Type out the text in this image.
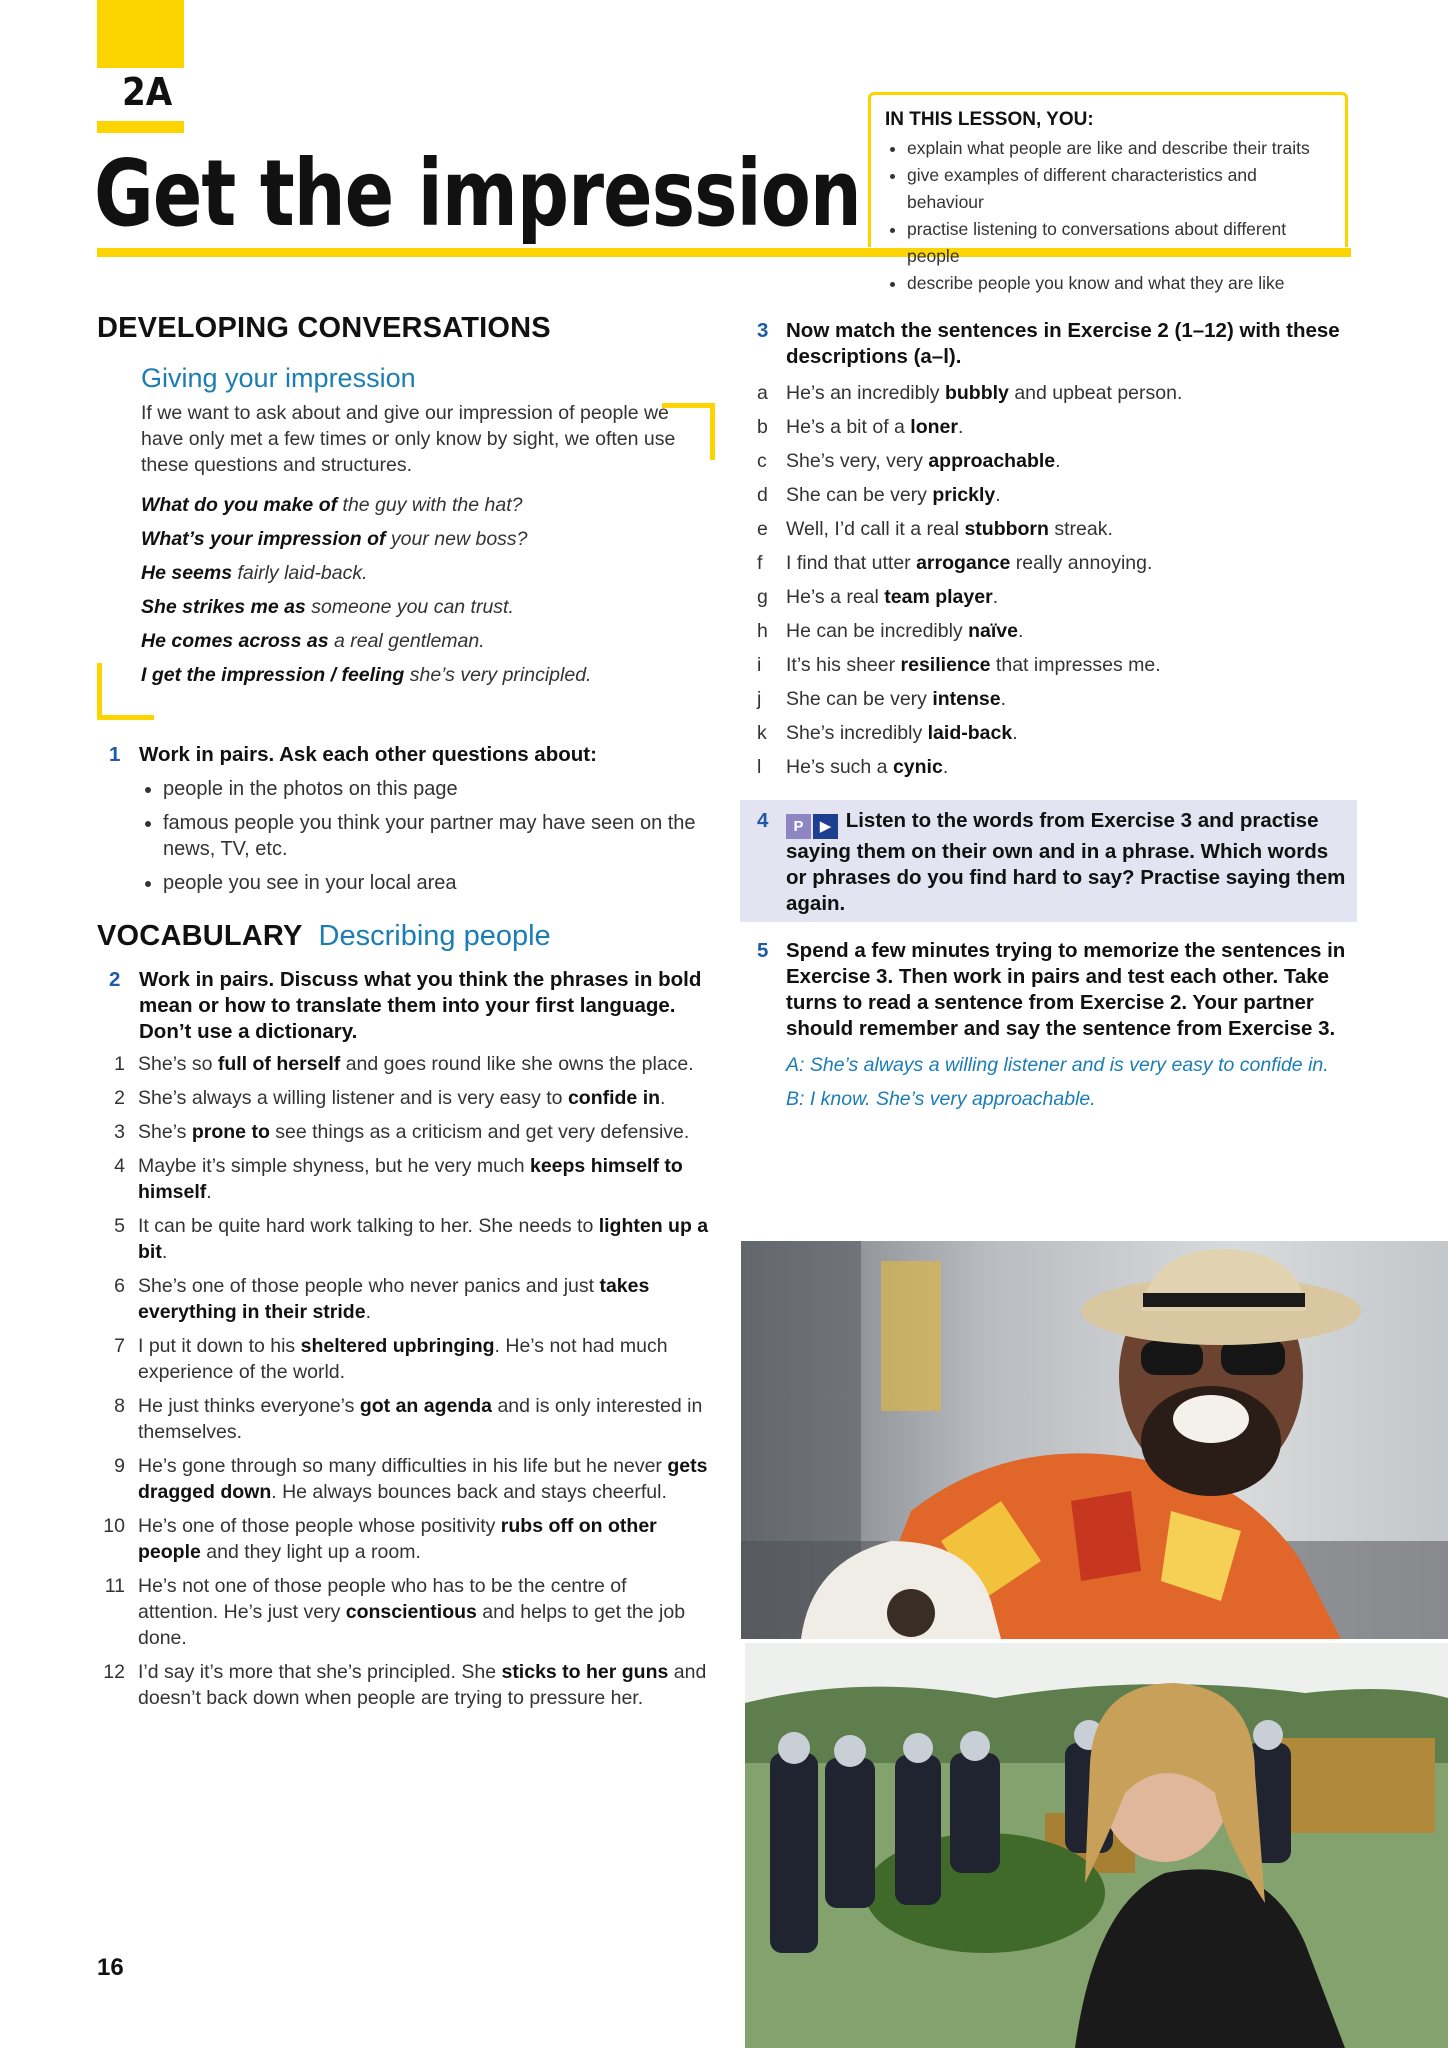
2A
Get the impression
IN THIS LESSON, YOU:
• explain what people are like and describe their traits
• give examples of different characteristics and behaviour
• practise listening to conversations about different people
• describe people you know and what they are like
DEVELOPING CONVERSATIONS
Giving your impression

If we want to ask about and give our impression of people we have only met a few times or only know by sight, we often use these questions and structures.

What do you make of the guy with the hat?
What’s your impression of your new boss?
He seems fairly laid-back.
She strikes me as someone you can trust.
He comes across as a real gentleman.
I get the impression / feeling she’s very principled.
1 Work in pairs. Ask each other questions about:
• people in the photos on this page
• famous people you think your partner may have seen on the news, TV, etc.
• people you see in your local area
VOCABULARY Describing people
2 Work in pairs. Discuss what you think the phrases in bold mean or how to translate them into your first language. Don’t use a dictionary.
1 She’s so full of herself and goes round like she owns the place.
2 She’s always a willing listener and is very easy to confide in.
3 She’s prone to see things as a criticism and get very defensive.
4 Maybe it’s simple shyness, but he very much keeps himself to himself.
5 It can be quite hard work talking to her. She needs to lighten up a bit.
6 She’s one of those people who never panics and just takes everything in their stride.
7 I put it down to his sheltered upbringing. He’s not had much experience of the world.
8 He just thinks everyone’s got an agenda and is only interested in themselves.
9 He’s gone through so many difficulties in his life but he never gets dragged down. He always bounces back and stays cheerful.
10 He’s one of those people whose positivity rubs off on other people and they light up a room.
11 He’s not one of those people who has to be the centre of attention. He’s just very conscientious and helps to get the job done.
12 I’d say it’s more that she’s principled. She sticks to her guns and doesn’t back down when people are trying to pressure her.
16
3 Now match the sentences in Exercise 2 (1–12) with these descriptions (a–l).
a He’s an incredibly bubbly and upbeat person.
b He’s a bit of a loner.
c She’s very, very approachable.
d She can be very prickly.
e Well, I’d call it a real stubborn streak.
f I find that utter arrogance really annoying.
g He’s a real team player.
h He can be incredibly naïve.
i It’s his sheer resilience that impresses me.
j She can be very intense.
k She’s incredibly laid-back.
l He’s such a cynic.
4	P ▶ Listen to the words from Exercise 3 and practise saying them on their own and in a phrase. Which words or phrases do you find hard to say? Practise saying them again.
5 Spend a few minutes trying to memorize the sentences in Exercise 3. Then work in pairs and test each other. Take turns to read a sentence from Exercise 2. Your partner should remember and say the sentence from Exercise 3.
A: She’s always a willing listener and is very easy to confide in.
B: I know. She’s very approachable.
